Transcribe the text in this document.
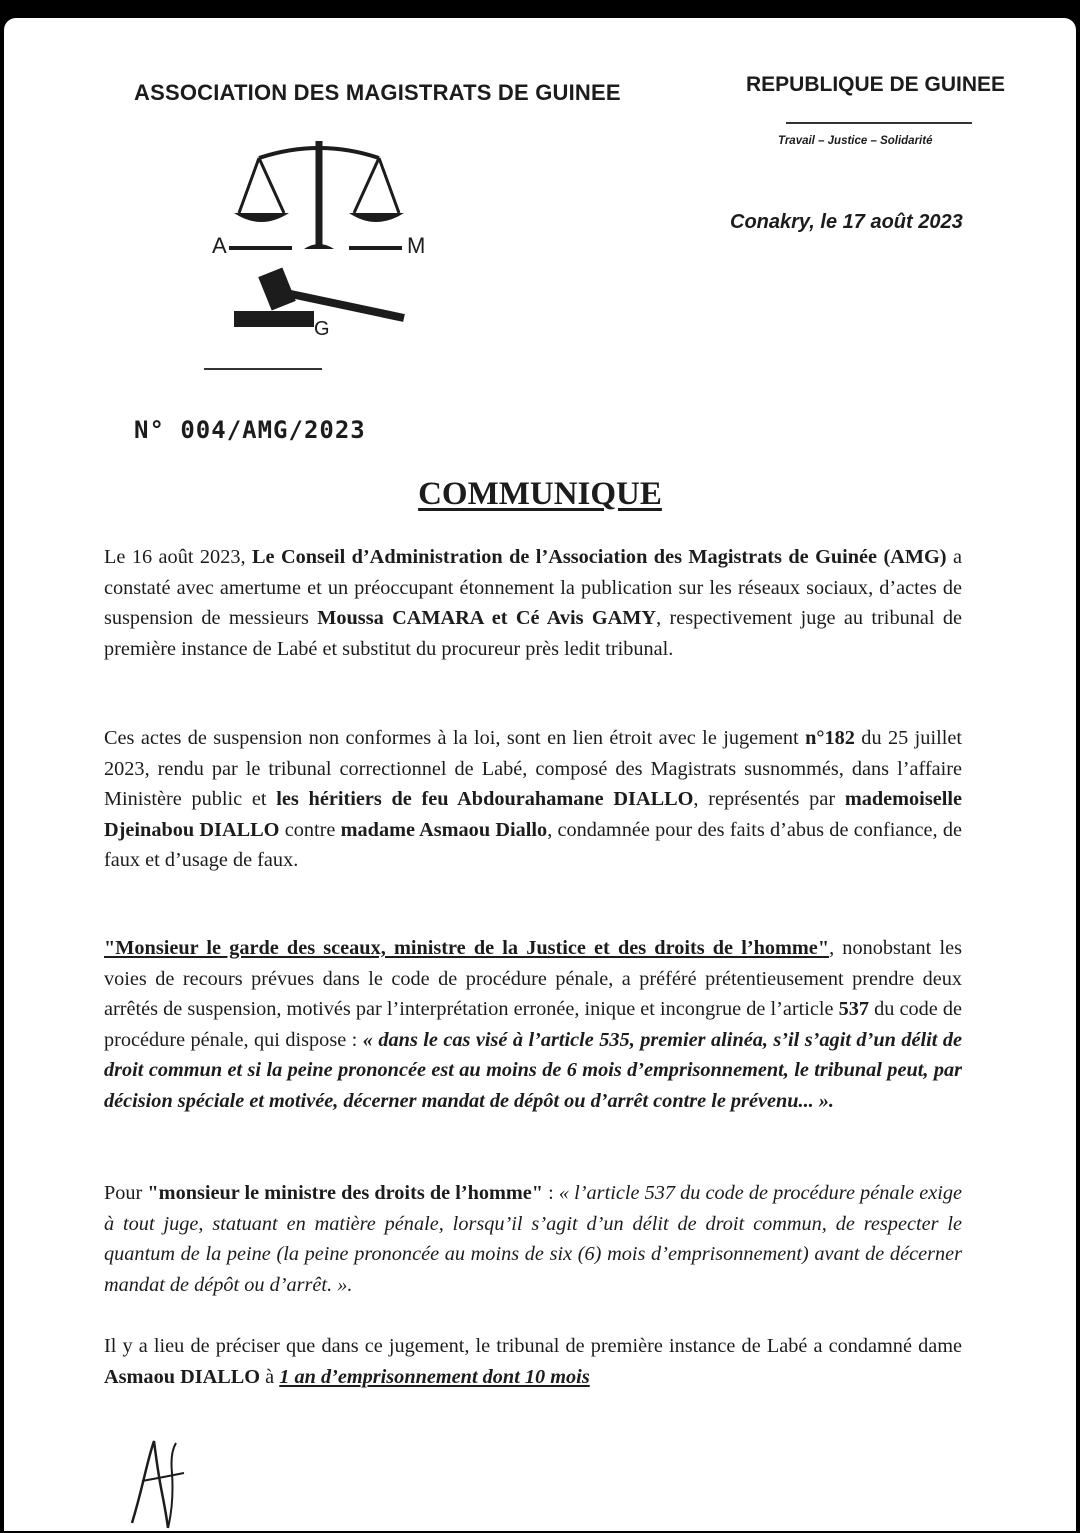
ASSOCIATION DES MAGISTRATS DE GUINEE	REPUBLIQUE DE GUINEE
Travail – Justice – Solidarité
Conakry, le 17 août 2023
A	M
G
N° 004/AMG/2023
COMMUNIQUE
Le 16 août 2023, Le Conseil d’Administration de l’Association des Magistrats de Guinée (AMG) a constaté avec amertume et un préoccupant étonnement la publication sur les réseaux sociaux, d’actes de suspension de messieurs Moussa CAMARA et Cé Avis GAMY, respectivement juge au tribunal de première instance de Labé et substitut du procureur près ledit tribunal.
Ces actes de suspension non conformes à la loi, sont en lien étroit avec le jugement n°182 du 25 juillet 2023, rendu par le tribunal correctionnel de Labé, composé des Magistrats susnommés, dans l’affaire Ministère public et les héritiers de feu Abdourahamane DIALLO, représentés par mademoiselle Djeinabou DIALLO contre madame Asmaou Diallo, condamnée pour des faits d’abus de confiance, de faux et d’usage de faux.
"Monsieur le garde des sceaux, ministre de la Justice et des droits de l’homme", nonobstant les voies de recours prévues dans le code de procédure pénale, a préféré prétentieusement prendre deux arrêtés de suspension, motivés par l’interprétation erronée, inique et incongrue de l’article 537 du code de procédure pénale, qui dispose : « dans le cas visé à l’article 535, premier alinéa, s’il s’agit d’un délit de droit commun et si la peine prononcée est au moins de 6 mois d’emprisonnement, le tribunal peut, par décision spéciale et motivée, décerner mandat de dépôt ou d’arrêt contre le prévenu... ».
Pour "monsieur le ministre des droits de l’homme" : « l’article 537 du code de procédure pénale exige à tout juge, statuant en matière pénale, lorsqu’il s’agit d’un délit de droit commun, de respecter le quantum de la peine (la peine prononcée au moins de six (6) mois d’emprisonnement) avant de décerner mandat de dépôt ou d’arrêt. ».
Il y a lieu de préciser que dans ce jugement, le tribunal de première instance de Labé a condamné dame Asmaou DIALLO à 1 an d’emprisonnement dont 10 mois
